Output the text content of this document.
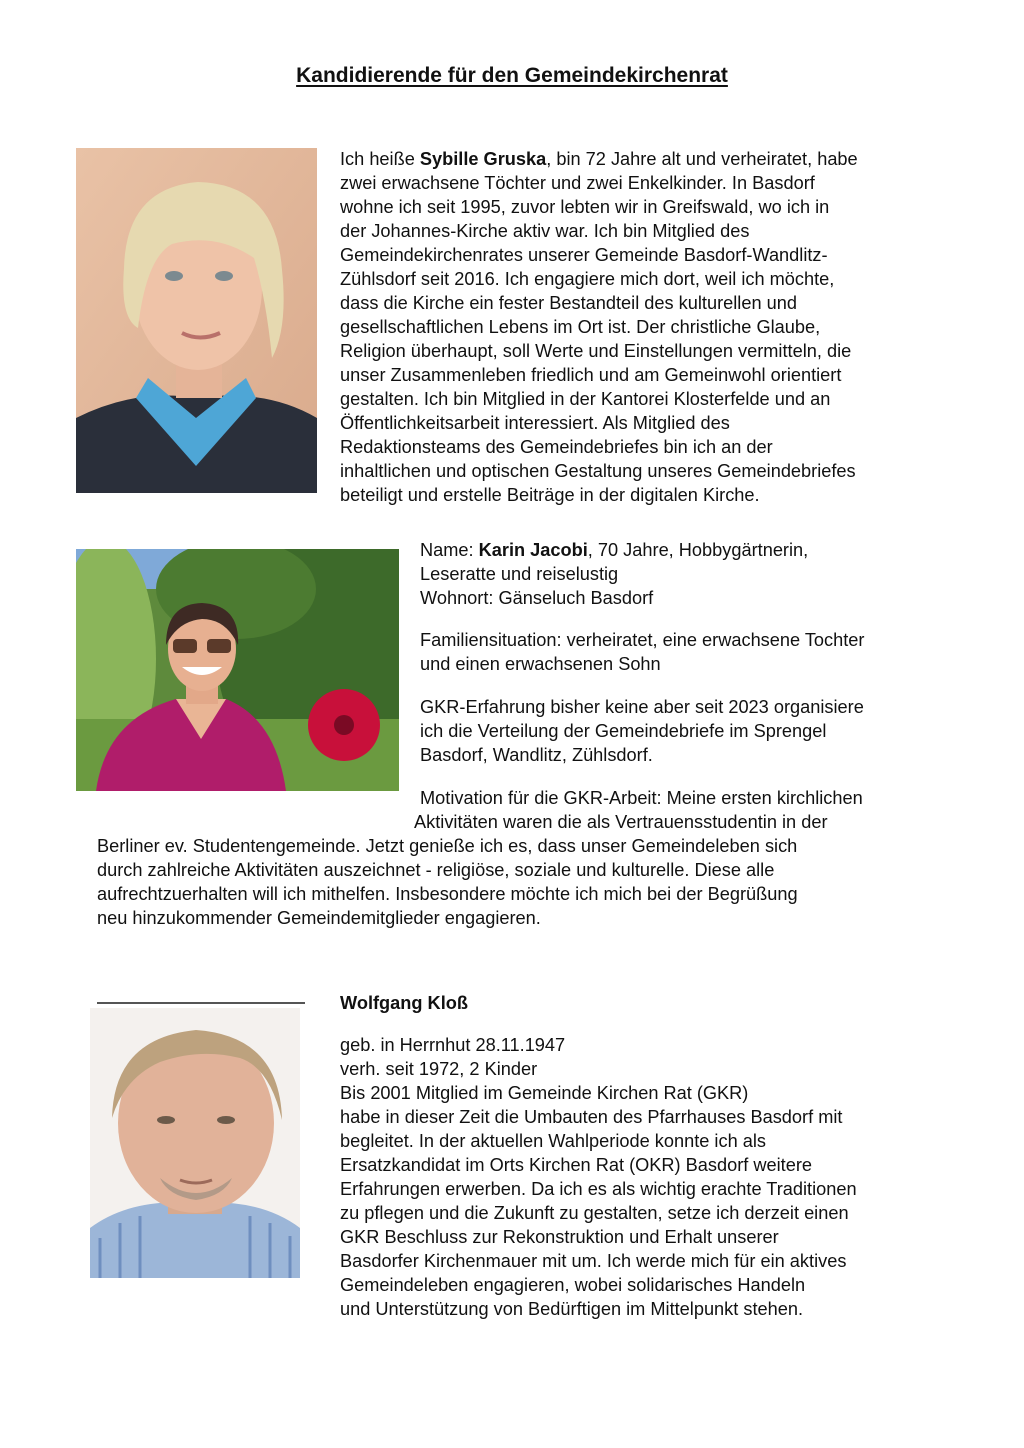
Kandidierende für den Gemeindekirchenrat
Ich heiße Sybille Gruska, bin 72 Jahre alt und verheiratet, habe
zwei erwachsene Töchter und zwei Enkelkinder. In Basdorf
wohne ich seit 1995, zuvor lebten wir in Greifswald, wo ich in
der Johannes-Kirche aktiv war. Ich bin Mitglied des
Gemeindekirchenrates unserer Gemeinde Basdorf-Wandlitz-
Zühlsdorf seit 2016. Ich engagiere mich dort, weil ich möchte,
dass die Kirche ein fester Bestandteil des kulturellen und
gesellschaftlichen Lebens im Ort ist. Der christliche Glaube,
Religion überhaupt, soll Werte und Einstellungen vermitteln, die
unser Zusammenleben friedlich und am Gemeinwohl orientiert
gestalten. Ich bin Mitglied in der Kantorei Klosterfelde und an
Öffentlichkeitsarbeit interessiert. Als Mitglied des
Redaktionsteams des Gemeindebriefes bin ich an der
inhaltlichen und optischen Gestaltung unseres Gemeindebriefes
beteiligt und erstelle Beiträge in der digitalen Kirche.
Name: Karin Jacobi, 70 Jahre, Hobbygärtnerin,
Leseratte und reiselustig
Wohnort: Gänseluch Basdorf
Familiensituation: verheiratet, eine erwachsene Tochter
und einen erwachsenen Sohn
GKR-Erfahrung bisher keine aber seit 2023 organisiere
ich die Verteilung der Gemeindebriefe im Sprengel
Basdorf, Wandlitz, Zühlsdorf.
Motivation für die GKR-Arbeit: Meine ersten kirchlichen
Aktivitäten waren die als Vertrauensstudentin in der
Berliner ev. Studentengemeinde. Jetzt genieße ich es, dass unser Gemeindeleben sich
durch zahlreiche Aktivitäten auszeichnet - religiöse, soziale und kulturelle. Diese alle
aufrechtzuerhalten will ich mithelfen. Insbesondere möchte ich mich bei der Begrüßung
neu hinzukommender Gemeindemitglieder engagieren.
Wolfgang Kloß
geb. in Herrnhut 28.11.1947
verh. seit 1972, 2 Kinder
Bis 2001 Mitglied im Gemeinde Kirchen Rat (GKR)
habe in dieser Zeit die Umbauten des Pfarrhauses Basdorf mit
begleitet. In der aktuellen Wahlperiode konnte ich als
Ersatzkandidat im Orts Kirchen Rat (OKR) Basdorf weitere
Erfahrungen erwerben. Da ich es als wichtig erachte Traditionen
zu pflegen und die Zukunft zu gestalten, setze ich derzeit einen
GKR Beschluss zur Rekonstruktion und Erhalt unserer
Basdorfer Kirchenmauer mit um. Ich werde mich für ein aktives
Gemeindeleben engagieren, wobei solidarisches Handeln
und Unterstützung von Bedürftigen im Mittelpunkt stehen.
